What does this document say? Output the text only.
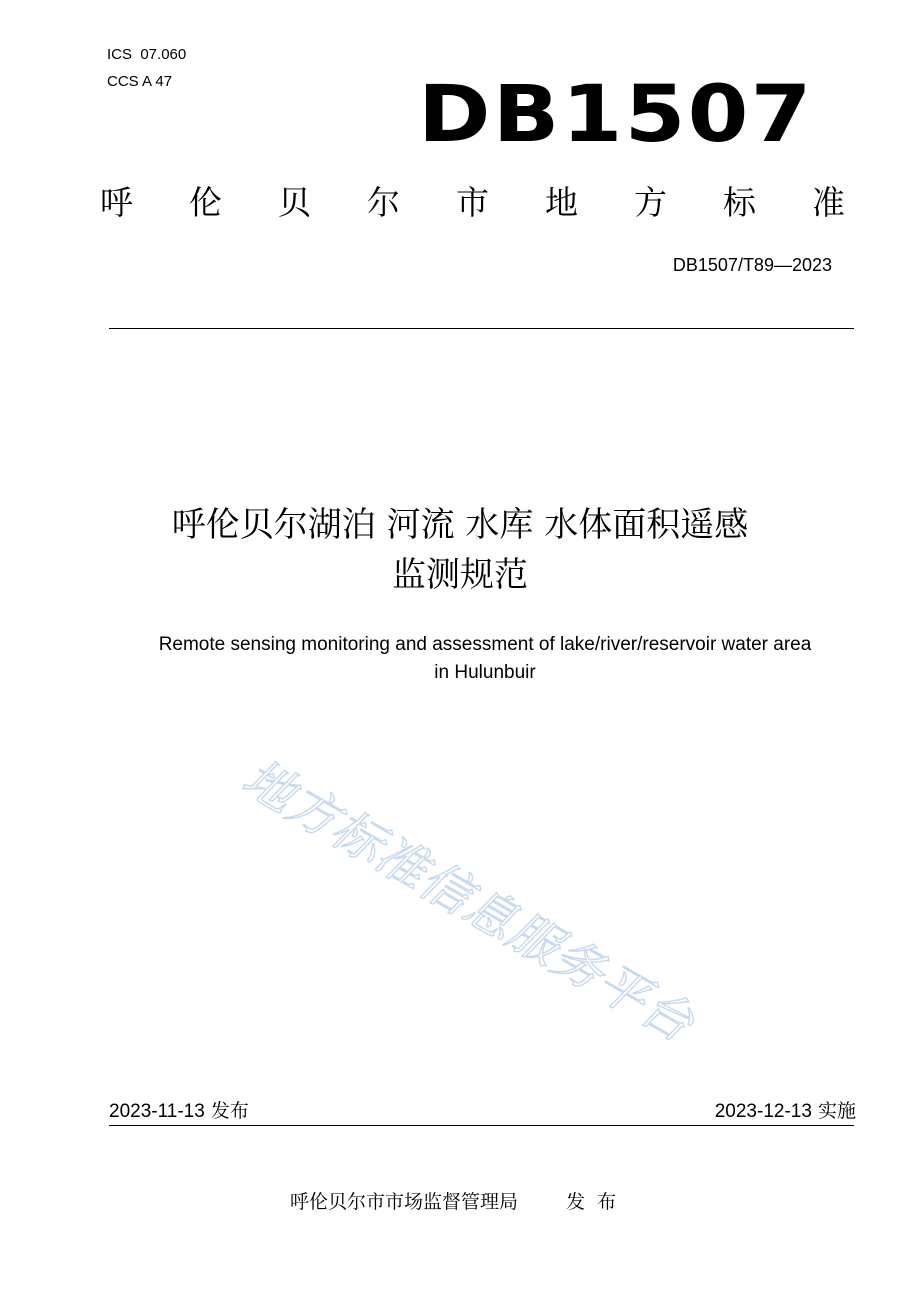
ICS  07.060
CCS A 47	DB1507
呼 伦 贝 尔 市 地 方 标 准
DB1507/T89—2023
呼伦贝尔湖泊 河流 水库 水体面积遥感
监测规范
Remote sensing monitoring and assessment of lake/river/reservoir water area
in Hulunbuir
地方标准信息服务平台
2023-11-13 发布	2023-12-13 实施
呼伦贝尔市市场监督管理局	发布
